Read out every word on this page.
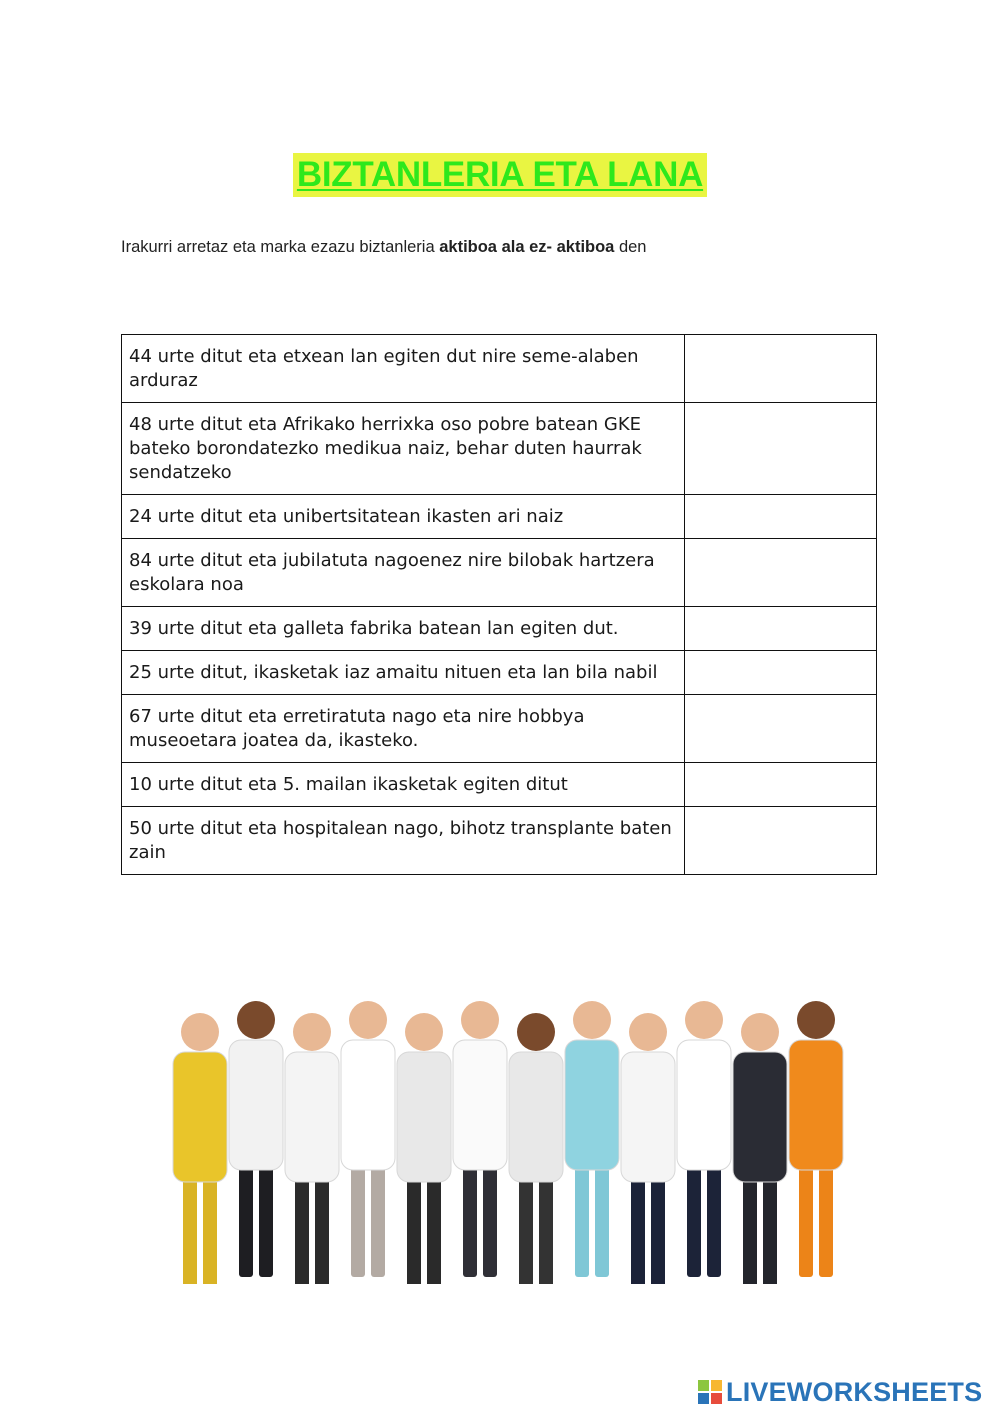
BIZTANLERIA ETA LANA
Irakurri arretaz eta marka ezazu biztanleria aktiboa ala ez- aktiboa den
44 urte ditut eta etxean lan egiten dut nire seme-alaben arduraz	
48 urte ditut eta Afrikako herrixka oso pobre batean GKE bateko borondatezko medikua naiz, behar duten haurrak sendatzeko	
24 urte ditut eta unibertsitatean ikasten ari naiz	
84 urte ditut eta jubilatuta nagoenez nire bilobak hartzera eskolara noa	
39 urte ditut eta galleta fabrika batean lan egiten dut.	
25 urte ditut, ikasketak iaz amaitu nituen eta lan bila nabil	
67 urte ditut eta erretiratuta nago eta nire hobbya museoetara joatea da, ikasteko.	
10 urte ditut eta 5. mailan ikasketak egiten ditut	
50 urte ditut eta hospitalean nago, bihotz transplante baten zain	
LIVEWORKSHEETS
